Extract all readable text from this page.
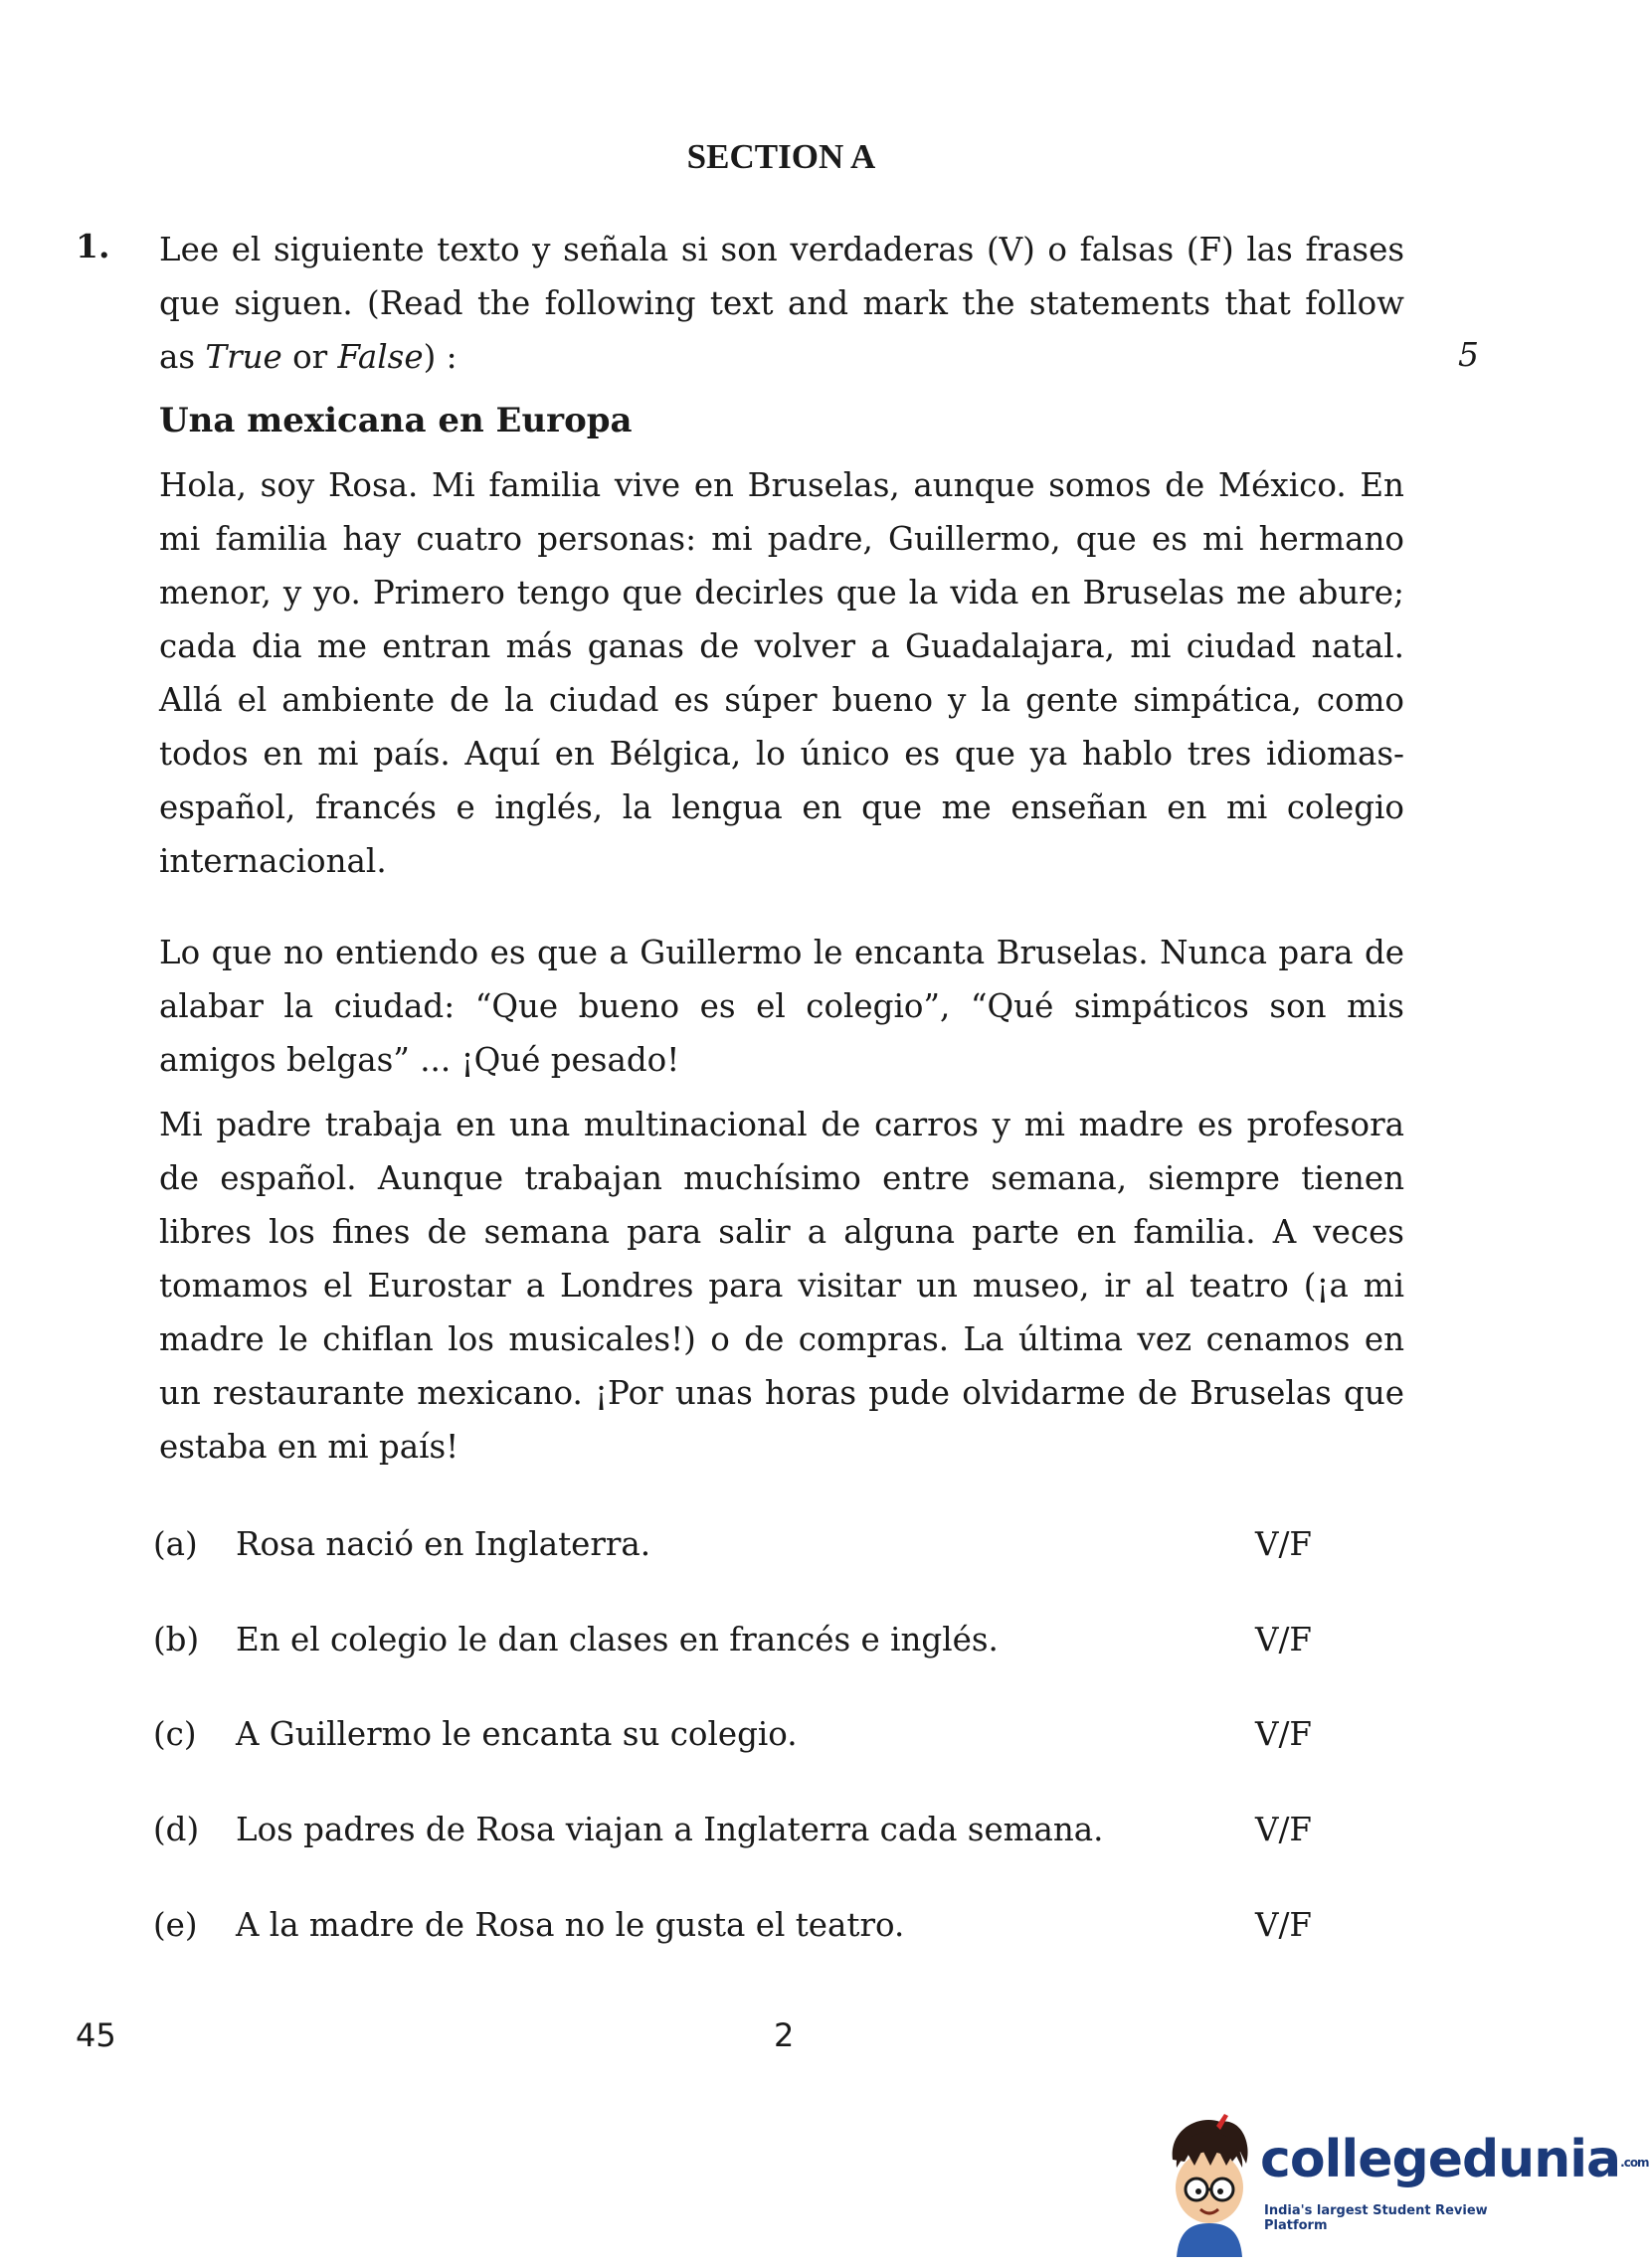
SECTION A
1. Lee el siguiente texto y señala si son verdaderas (V) o falsas (F) las frases que siguen. (Read the following text and mark the statements that follow as True or False) :	5
Una mexicana en Europa
Hola, soy Rosa. Mi familia vive en Bruselas, aunque somos de México. En mi familia hay cuatro personas: mi padre, Guillermo, que es mi hermano menor, y yo. Primero tengo que decirles que la vida en Bruselas me abure; cada dia me entran más ganas de volver a Guadalajara, mi ciudad natal. Allá el ambiente de la ciudad es súper bueno y la gente simpática, como todos en mi país. Aquí en Bélgica, lo único es que ya hablo tres idiomas-español, francés e inglés, la lengua en que me enseñan en mi colegio internacional.
Lo que no entiendo es que a Guillermo le encanta Bruselas. Nunca para de alabar la ciudad: “Que bueno es el colegio”, “Qué simpáticos son mis amigos belgas” ... ¡Qué pesado!
Mi padre trabaja en una multinacional de carros y mi madre es profesora de español. Aunque trabajan muchísimo entre semana, siempre tienen libres los fines de semana para salir a alguna parte en familia. A veces tomamos el Eurostar a Londres para visitar un museo, ir al teatro (¡a mi madre le chiflan los musicales!) o de compras. La última vez cenamos en un restaurante mexicano. ¡Por unas horas pude olvidarme de Bruselas que estaba en mi país!
(a) Rosa nació en Inglaterra.	V/F
(b) En el colegio le dan clases en francés e inglés.	V/F
(c) A Guillermo le encanta su colegio.	V/F
(d) Los padres de Rosa viajan a Inglaterra cada semana.	V/F
(e) A la madre de Rosa no le gusta el teatro.	V/F
45	2
collegedunia.com
India's largest Student Review Platform
